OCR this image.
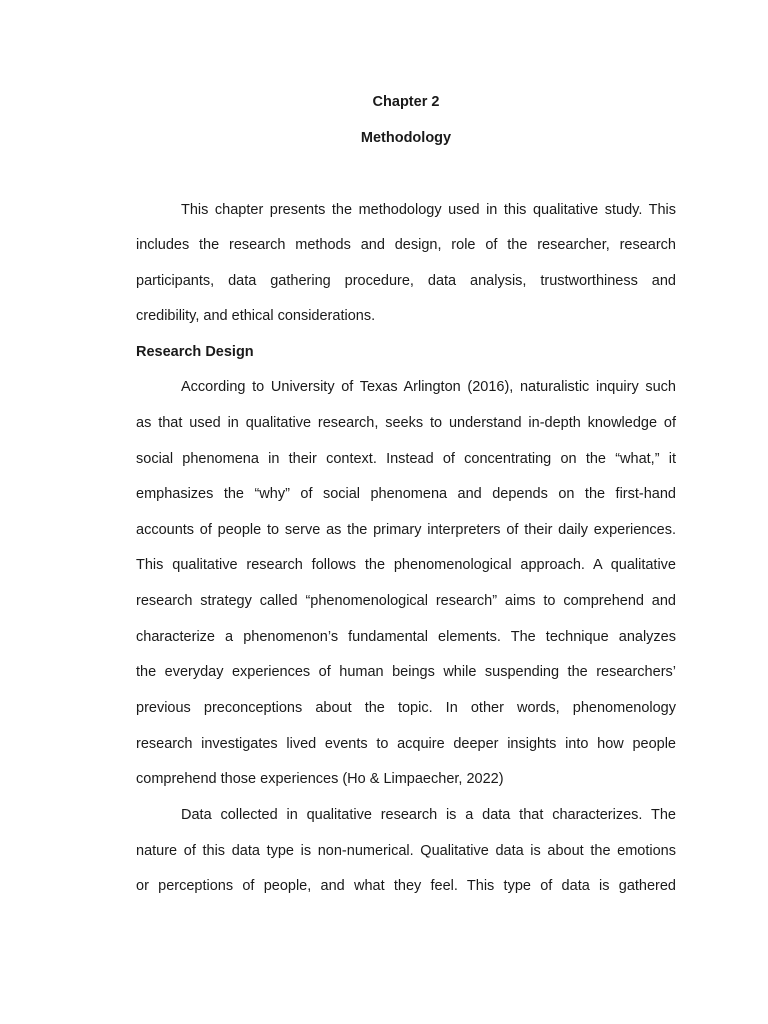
Chapter 2

Methodology

This chapter presents the methodology used in this qualitative study. This

includes the research methods and design, role of the researcher, research

participants, data gathering procedure, data analysis, trustworthiness and

credibility, and ethical considerations.

Research Design

According to University of Texas Arlington (2016), naturalistic inquiry such

as that used in qualitative research, seeks to understand in-depth knowledge of

social phenomena in their context. Instead of concentrating on the “what,” it

emphasizes the “why” of social phenomena and depends on the first-hand

accounts of people to serve as the primary interpreters of their daily experiences.

This qualitative research follows the phenomenological approach. A qualitative

research strategy called “phenomenological research” aims to comprehend and

characterize a phenomenon’s fundamental elements. The technique analyzes

the everyday experiences of human beings while suspending the researchers’

previous preconceptions about the topic. In other words, phenomenology

research investigates lived events to acquire deeper insights into how people

comprehend those experiences (Ho & Limpaecher, 2022)

Data collected in qualitative research is a data that characterizes. The

nature of this data type is non-numerical. Qualitative data is about the emotions

or perceptions of people, and what they feel. This type of data is gathered
